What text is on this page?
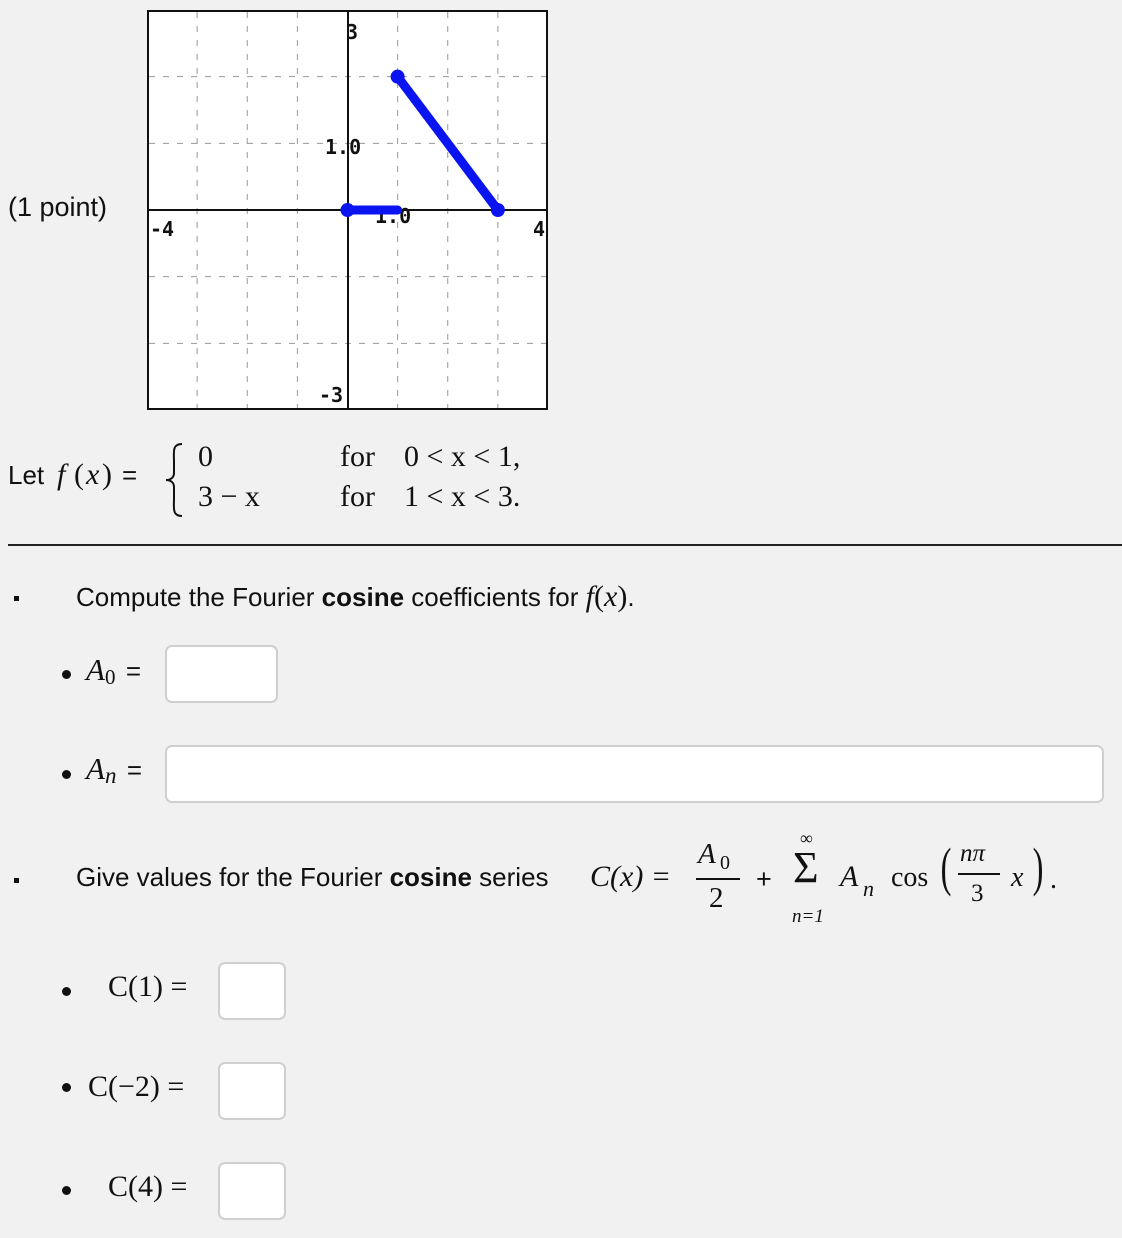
(1 point)
3
-3
-4	4
1.0
1.0
Let f ( x ) =
0
3 − x
for 0 < x < 1,
for 1 < x < 3.
Compute the Fourier cosine coefficients for f(x).
$A_0$ =
$A_n$ =
Give values for the Fourier cosine series C(x) =
A 0
2
+
∞
Σ
n=1
A n cos ( nπ
3
x ) .
C(1) =
C(−2) =
C(4) =
